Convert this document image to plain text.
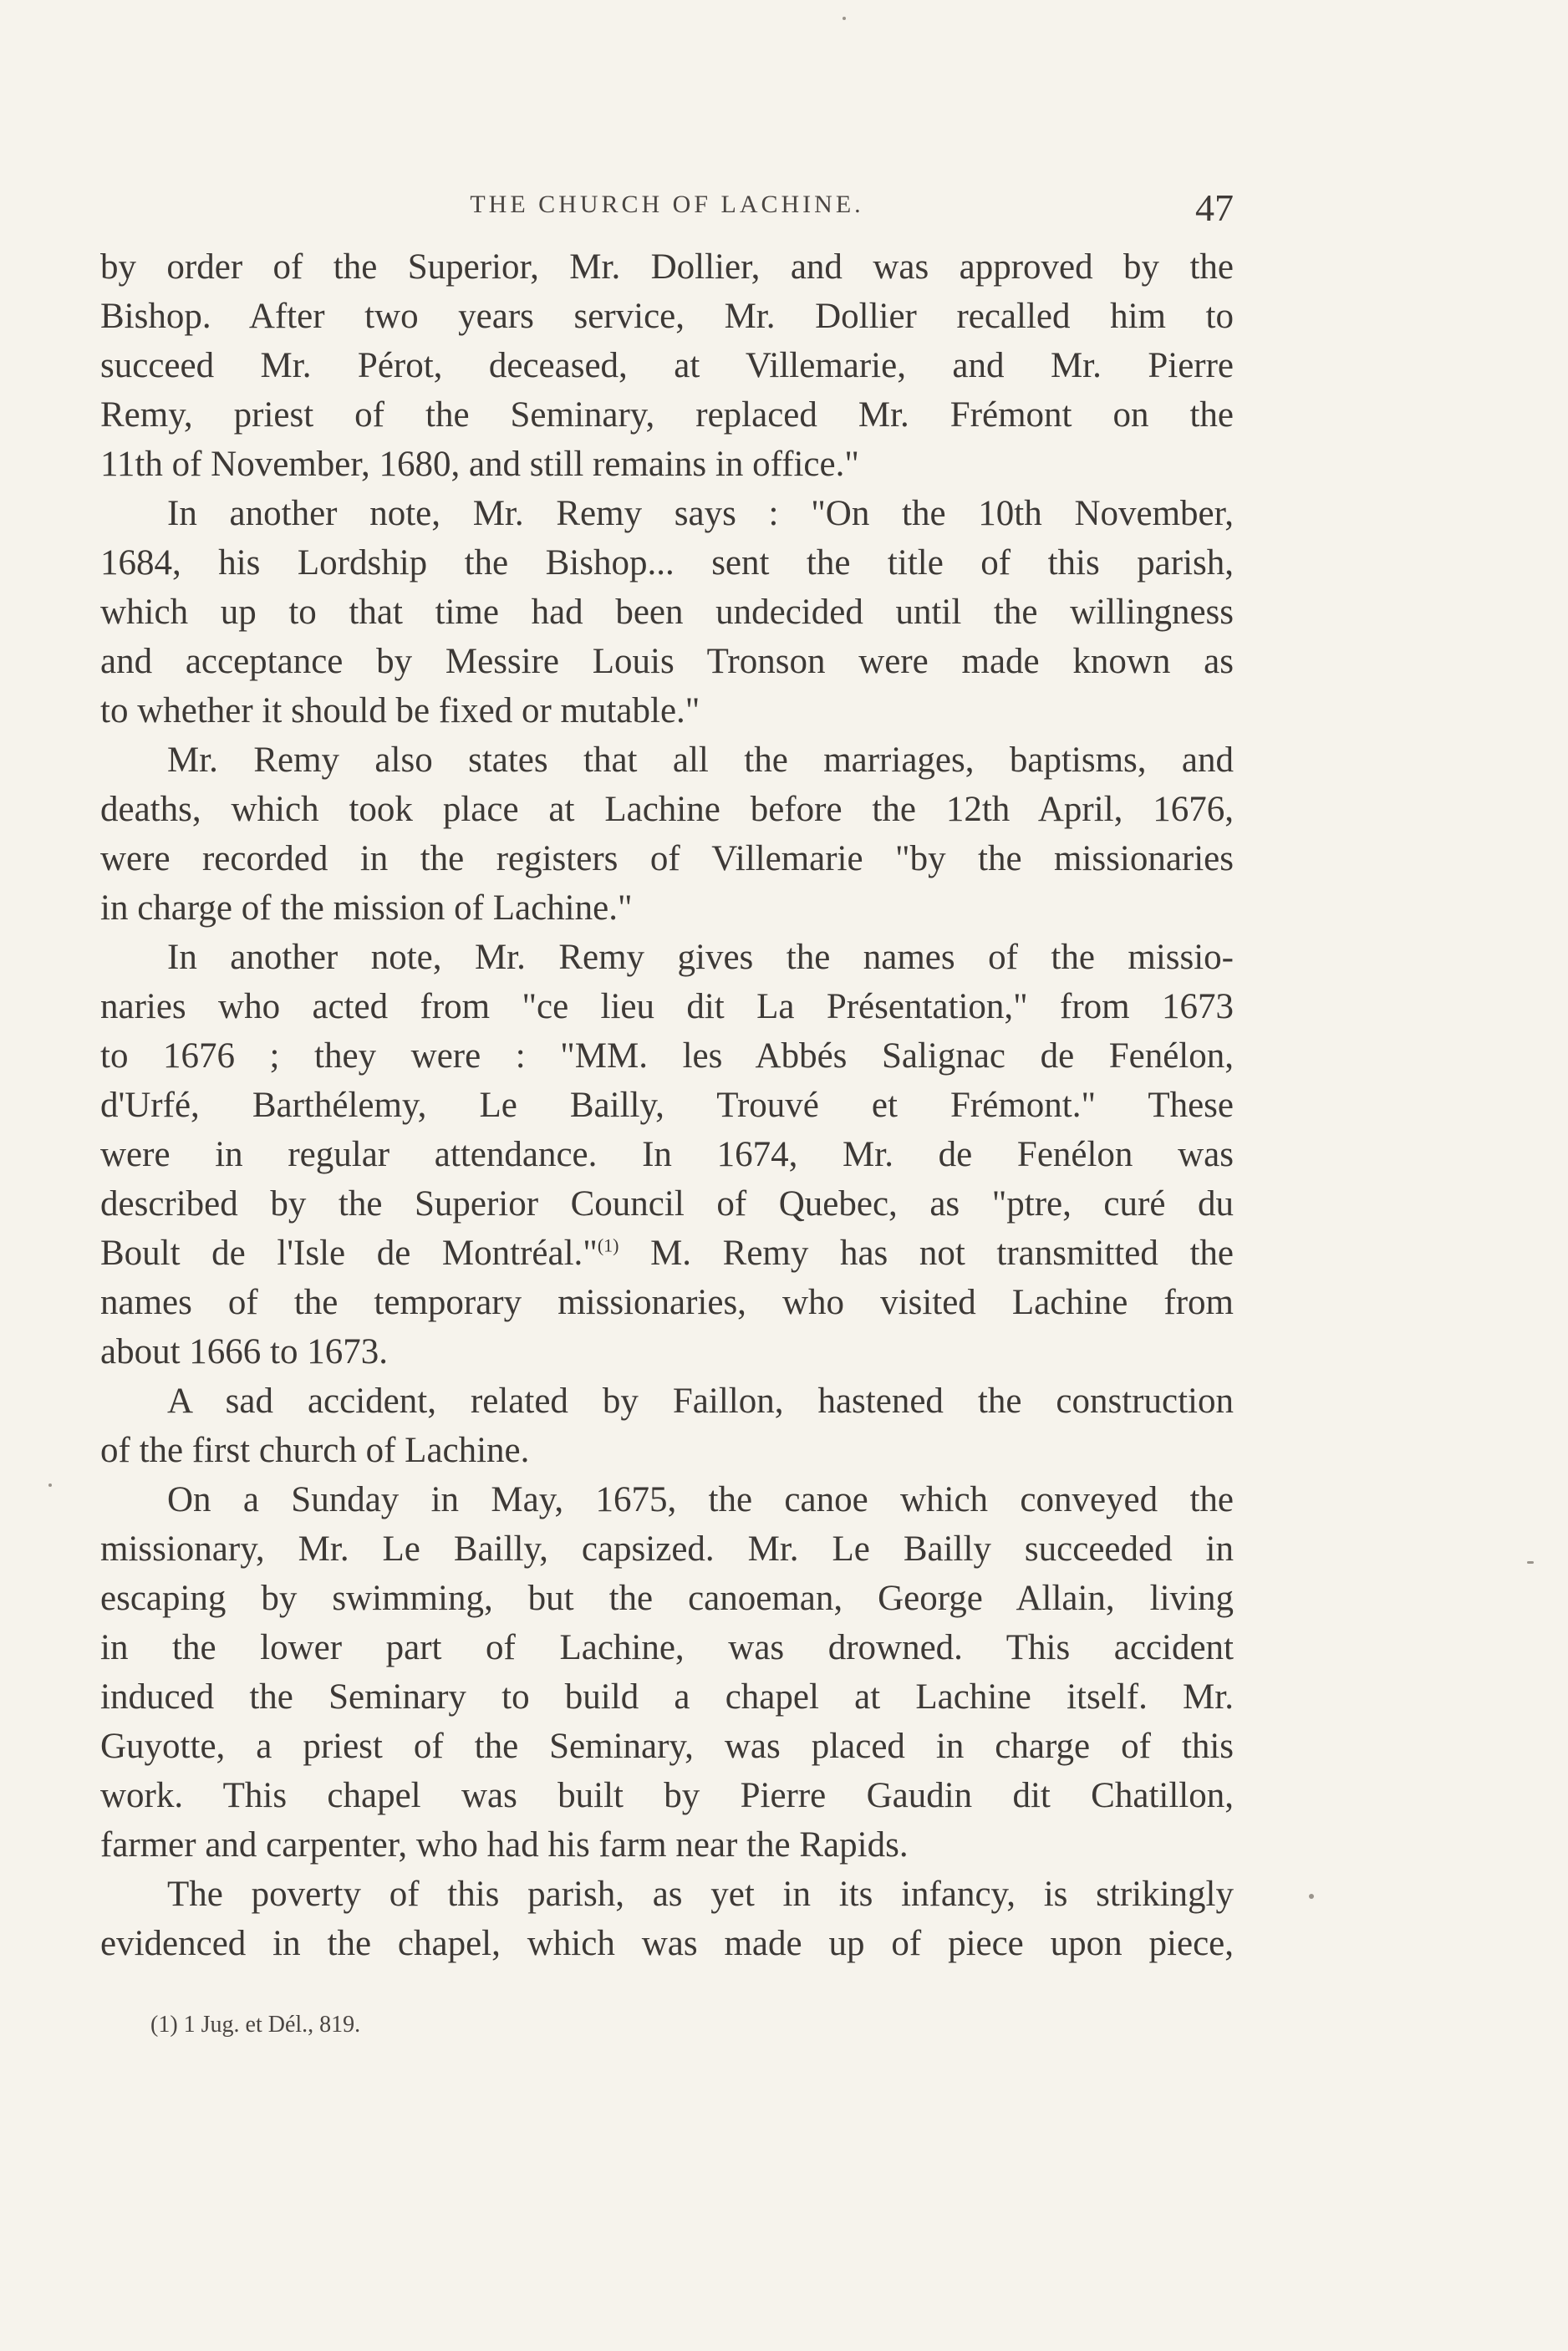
THE CHURCH OF LACHINE.	47
by order of the Superior, Mr. Dollier, and was approved by the
Bishop. After two years service, Mr. Dollier recalled him to
succeed Mr. Pérot, deceased, at Villemarie, and Mr. Pierre
Remy, priest of the Seminary, replaced Mr. Frémont on the
11th of November, 1680, and still remains in office."
In another note, Mr. Remy says : "On the 10th November,
1684, his Lordship the Bishop... sent the title of this parish,
which up to that time had been undecided until the willingness
and acceptance by Messire Louis Tronson were made known as
to whether it should be fixed or mutable."
Mr. Remy also states that all the marriages, baptisms, and
deaths, which took place at Lachine before the 12th April, 1676,
were recorded in the registers of Villemarie "by the missionaries
in charge of the mission of Lachine."
In another note, Mr. Remy gives the names of the missio-
naries who acted from "ce lieu dit La Présentation," from 1673
to 1676 ; they were : "MM. les Abbés Salignac de Fenélon,
d'Urfé, Barthélemy, Le Bailly, Trouvé et Frémont." These
were in regular attendance. In 1674, Mr. de Fenélon was
described by the Superior Council of Quebec, as "ptre, curé du
Boult de l'Isle de Montréal."$^{(1)}$ M. Remy has not transmitted the
names of the temporary missionaries, who visited Lachine from
about 1666 to 1673.
A sad accident, related by Faillon, hastened the construction
of the first church of Lachine.
On a Sunday in May, 1675, the canoe which conveyed the
missionary, Mr. Le Bailly, capsized. Mr. Le Bailly succeeded in
escaping by swimming, but the canoeman, George Allain, living
in the lower part of Lachine, was drowned. This accident
induced the Seminary to build a chapel at Lachine itself. Mr.
Guyotte, a priest of the Seminary, was placed in charge of this
work. This chapel was built by Pierre Gaudin dit Chatillon,
farmer and carpenter, who had his farm near the Rapids.
The poverty of this parish, as yet in its infancy, is strikingly
evidenced in the chapel, which was made up of piece upon piece,
(1) 1 Jug. et Dél., 819.
